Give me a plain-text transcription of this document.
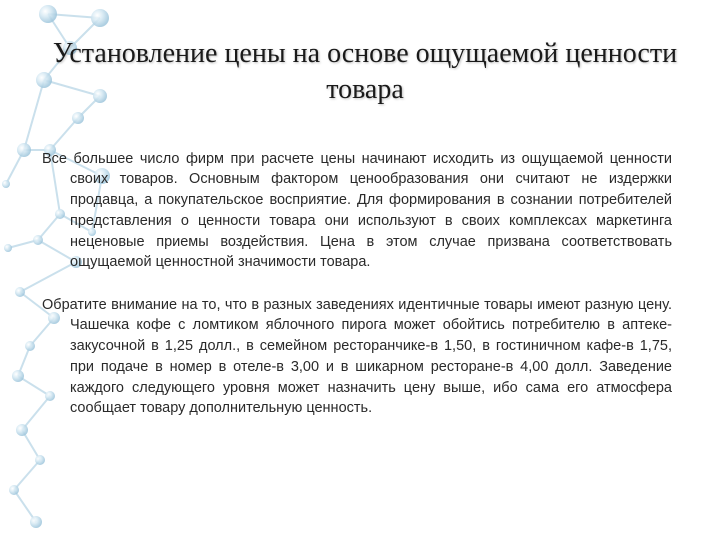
Установление цены на основе ощущаемой ценности товара

Все большее число фирм при расчете цены начинают исходить из ощущаемой ценности своих товаров. Основным фактором ценообразования они считают не издержки продавца, а покупательское восприятие. Для формирования в сознании потребителей представления о ценности товара они используют в своих комплексах маркетинга неценовые приемы воздействия. Цена в этом случае призвана соответствовать ощущаемой ценностной значимости товара.

Обратите внимание на то, что в разных заведениях идентичные товары имеют разную цену. Чашечка кофе с ломтиком яблочного пирога может обойтись потребителю в аптеке-закусочной в 1,25 долл., в семейном ресторанчике-в 1,50, в гостиничном кафе-в 1,75, при подаче в номер в отеле-в 3,00 и в шикарном ресторане-в 4,00 долл. Заведение каждого следующего уровня может назначить цену выше, ибо сама его атмосфера сообщает товару дополнительную ценность.
